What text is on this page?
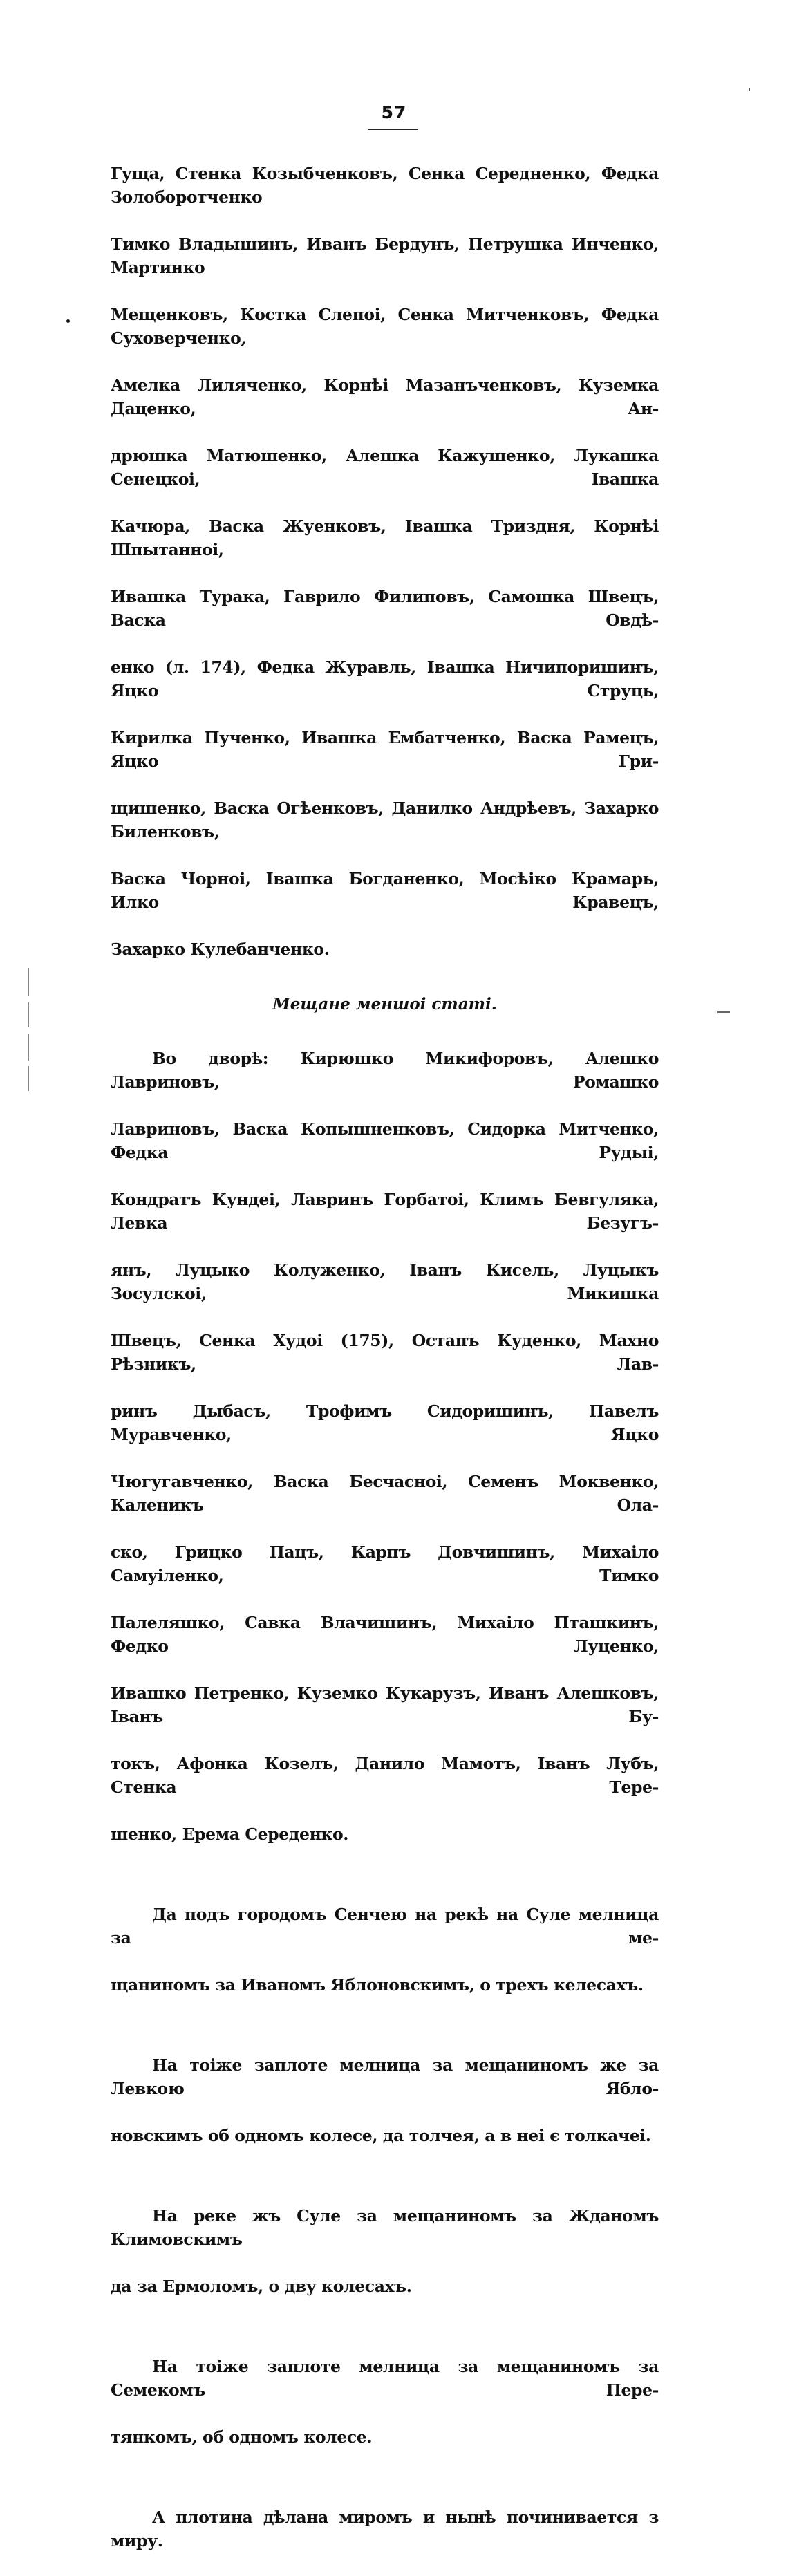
57

Гуща, Стенка Козыбченковъ, Сенка Середненко, Федка Золоборотченко

Тимко Владышинъ, Иванъ Бердунъ, Петрушка Инченко, Мартинко

Мещенковъ, Костка Слепоі, Сенка Митченковъ, Федка Суховерченко,

Амелка Лиляченко, Корнѣі Мазанъченковъ, Куземка Даценко, Ан-

дрюшка Матюшенко, Алешка Кажушенко, Лукашка Сенецкоі, Івашка

Качюра, Васка Жуенковъ, Івашка Триздня, Корнѣі Шпытанноі,

Ивашка Турака, Гаврило Филиповъ, Самошка Швецъ, Васка Овдѣ-

енко (л. 174), Федка Журавль, Івашка Ничипоришинъ, Яцко Струць,

Кирилка Пученко, Ивашка Ембатченко, Васка Рамецъ, Яцко Гри-

щишенко, Васка Огѣенковъ, Данилко Андрѣевъ, Захарко Биленковъ,

Васка Чорноі, Івашка Богданенко, Мосѣіко Крамарь, Илко Кравецъ,

Захарко Кулебанченко.

Мещане меншоі статі.

Во дворѣ: Кирюшко Микифоровъ, Алешко Лавриновъ, Ромашко

Лавриновъ, Васка Копышненковъ, Сидорка Митченко, Федка Рудыі,

Кондратъ Кундеі, Лавринъ Горбатоі, Климъ Бевгуляка, Левка Безугъ-

янъ, Луцыко Колуженко, Іванъ Кисель, Луцыкъ Зосулскоі, Микишка

Швецъ, Сенка Худоі (175), Остапъ Куденко, Махно Рѣзникъ, Лав-

ринъ Дыбасъ, Трофимъ Сидоришинъ, Павелъ Муравченко, Яцко

Чюгугавченко, Васка Бесчасноі, Семенъ Моквенко, Каленикъ Ола-

ско, Грицко Пацъ, Карпъ Довчишинъ, Михаіло Самуіленко, Тимко

Палеляшко, Савка Влачишинъ, Михаіло Пташкинъ, Федко Луценко,

Ивашко Петренко, Куземко Кукарузъ, Иванъ Алешковъ, Іванъ Бу-

токъ, Афонка Козелъ, Данило Мамотъ, Іванъ Лубъ, Стенка Тере-

шенко, Ерема Середенко.

Да подъ городомъ Сенчею на рекѣ на Суле мелница за ме-

щаниномъ за Иваномъ Яблоновскимъ, о трехъ келесахъ.

На тоіже заплоте мелница за мещаниномъ же за Левкою Ябло-

новскимъ об одномъ колесе, да толчея, а в неі є толкачеі.

На реке жъ Суле за мещаниномъ за Жданомъ Климовскимъ

да за Ермоломъ, о дву колесахъ.

На тоіже заплоте мелница за мещаниномъ за Семекомъ Пере-

тянкомъ, об одномъ колесе.

А плотина дѣлана миромъ и нынѣ починивается з миру.
